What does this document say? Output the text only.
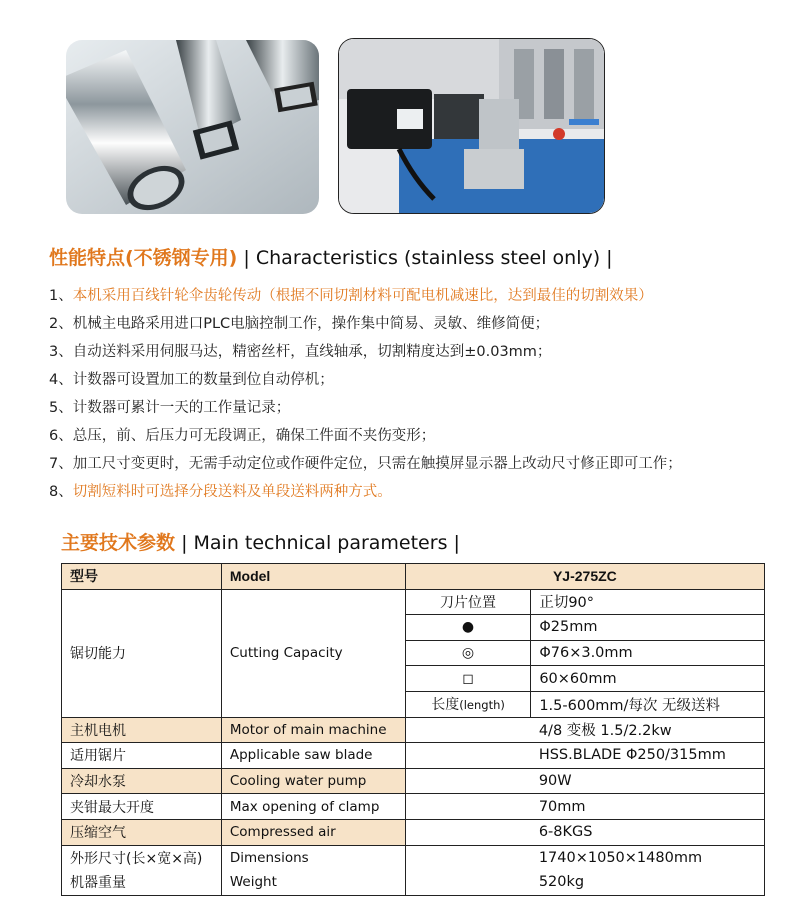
性能特点(不锈钢专用) | Characteristics (stainless steel only) |
1、本机采用百线针轮伞齿轮传动（根据不同切割材料可配电机减速比，达到最佳的切割效果）
2、机械主电路采用进口PLC电脑控制工作，操作集中简易、灵敏、维修简便；
3、自动送料采用伺服马达，精密丝杆，直线轴承，切割精度达到±0.03mm；
4、计数器可设置加工的数量到位自动停机；
5、计数器可累计一天的工作量记录；
6、总压，前、后压力可无段调正，确保工件面不夹伤变形；
7、加工尺寸变更时，无需手动定位或作硬件定位，只需在触摸屏显示器上改动尺寸修正即可工作；
8、切割短料时可选择分段送料及单段送料两种方式。
主要技术参数 | Main technical parameters |
型号	Model	YJ-275ZC	
锯切能力	Cutting Capacity	刀片位置	正切90°
		●	Φ25mm
		◎	Φ76×3.0mm
		◻	60×60mm
		长度(length)	1.5-600mm/每次 无级送料
主机电机	Motor of main machine		4/8 变极 1.5/2.2kw
适用锯片	Applicable saw blade		HSS.BLADE Φ250/315mm
冷却水泵	Cooling water pump		90W
夹钳最大开度	Max opening of clamp		70mm
压缩空气	Compressed air		6-8KGS
外形尺寸(长×宽×高)	Dimensions		1740×1050×1480mm
机器重量	Weight		520kg
